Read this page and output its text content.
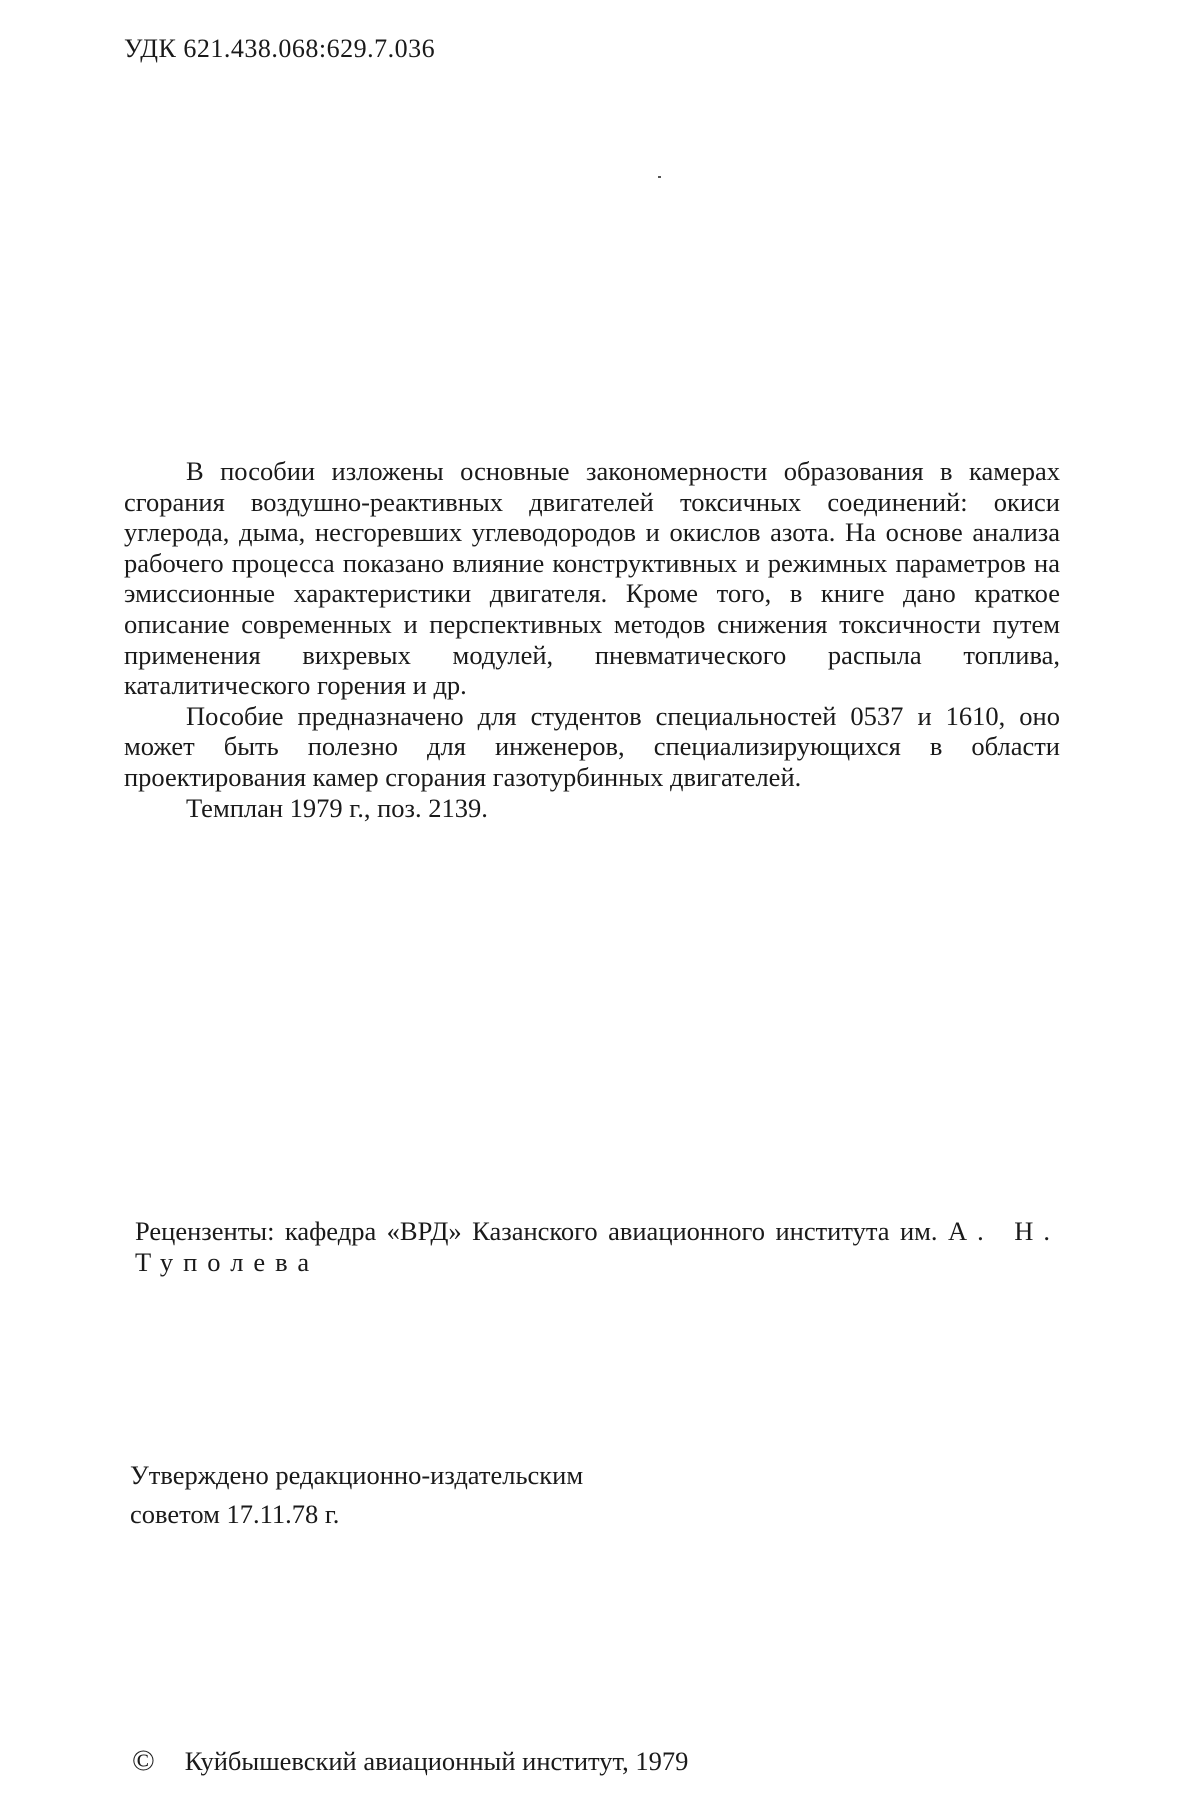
УДК 621.438.068:629.7.036

В пособии изложены основные закономерности образования в камерах сгорания воздушно-реактивных двигателей токсичных соединений: окиси углерода, дыма, несгоревших углеводородов и окислов азота. На основе анализа рабочего процесса показано влияние конструктивных и режимных параметров на эмиссионные характеристики двигателя. Кроме того, в книге дано краткое описание современных и перспективных методов снижения токсичности путем применения вихревых модулей, пневматического распыла топлива, каталитического горения и др.

Пособие предназначено для студентов специальностей 0537 и 1610, оно может быть полезно для инженеров, специализирующихся в области проектирования камер сгорания газотурбинных двигателей.

Темплан 1979 г., поз. 2139.

Рецензенты: кафедра «ВРД» Казанского авиационного института им. А. Н. Туполева
Утверждено редакционно-издательским
советом 17.11.78 г.
© Куйбышевский авиационный институт, 1979
